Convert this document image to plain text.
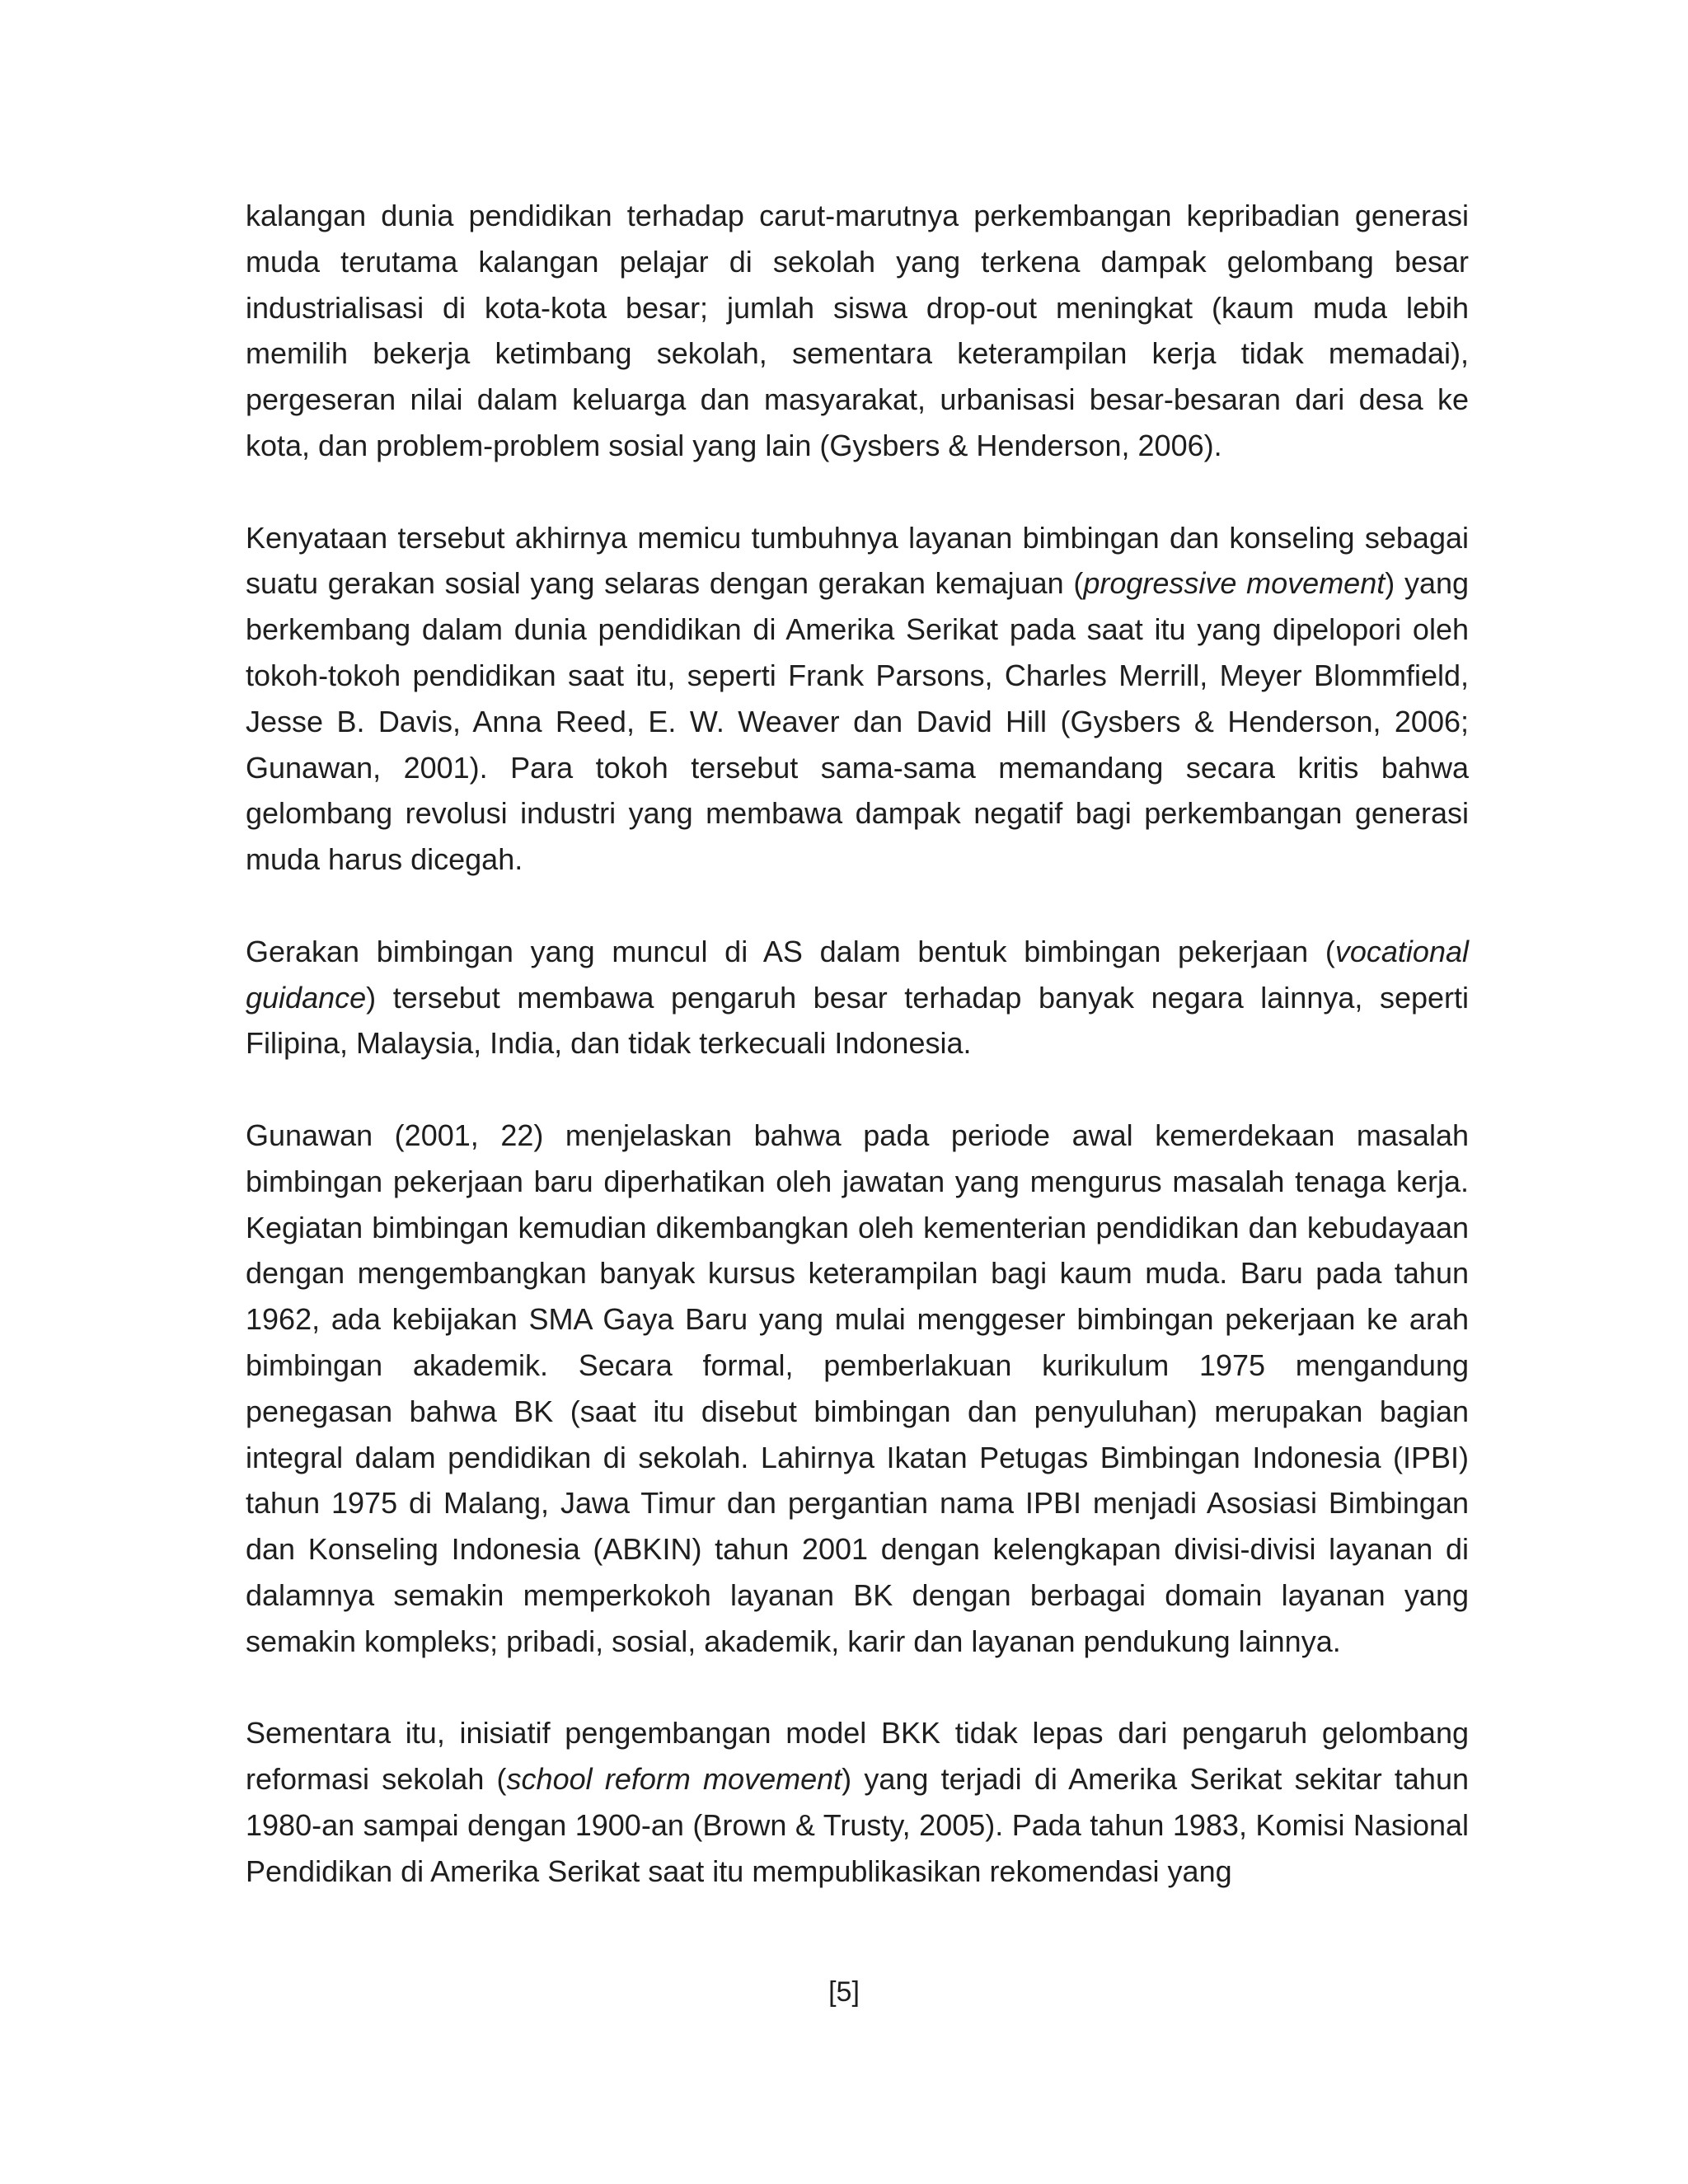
kalangan dunia pendidikan terhadap carut-marutnya perkembangan kepribadian generasi muda terutama kalangan pelajar di sekolah yang terkena dampak gelombang besar industrialisasi di kota-kota besar; jumlah siswa drop-out meningkat (kaum muda lebih memilih bekerja ketimbang sekolah, sementara keterampilan kerja tidak memadai), pergeseran nilai dalam keluarga dan masyarakat, urbanisasi besar-besaran dari desa ke kota, dan problem-problem sosial yang lain (Gysbers & Henderson, 2006).

Kenyataan tersebut akhirnya memicu tumbuhnya layanan bimbingan dan konseling sebagai suatu gerakan sosial yang selaras dengan gerakan kemajuan (progressive movement) yang berkembang dalam dunia pendidikan di Amerika Serikat pada saat itu yang dipelopori oleh tokoh-tokoh pendidikan saat itu, seperti Frank Parsons, Charles Merrill, Meyer Blommfield, Jesse B. Davis, Anna Reed, E. W. Weaver dan David Hill (Gysbers & Henderson, 2006; Gunawan, 2001). Para tokoh tersebut sama-sama memandang secara kritis bahwa gelombang revolusi industri yang membawa dampak negatif bagi perkembangan generasi muda harus dicegah.

Gerakan bimbingan yang muncul di AS dalam bentuk bimbingan pekerjaan (vocational guidance) tersebut membawa pengaruh besar terhadap banyak negara lainnya, seperti Filipina, Malaysia, India, dan tidak terkecuali Indonesia.

Gunawan (2001, 22) menjelaskan bahwa pada periode awal kemerdekaan masalah bimbingan pekerjaan baru diperhatikan oleh jawatan yang mengurus masalah tenaga kerja. Kegiatan bimbingan kemudian dikembangkan oleh kementerian pendidikan dan kebudayaan dengan mengembangkan banyak kursus keterampilan bagi kaum muda. Baru pada tahun 1962, ada kebijakan SMA Gaya Baru yang mulai menggeser bimbingan pekerjaan ke arah bimbingan akademik. Secara formal, pemberlakuan kurikulum 1975 mengandung penegasan bahwa BK (saat itu disebut bimbingan dan penyuluhan) merupakan bagian integral dalam pendidikan di sekolah. Lahirnya Ikatan Petugas Bimbingan Indonesia (IPBI) tahun 1975 di Malang, Jawa Timur dan pergantian nama IPBI menjadi Asosiasi Bimbingan dan Konseling Indonesia (ABKIN) tahun 2001 dengan kelengkapan divisi-divisi layanan di dalamnya semakin memperkokoh layanan BK dengan berbagai domain layanan yang semakin kompleks; pribadi, sosial, akademik, karir dan layanan pendukung lainnya.

Sementara itu, inisiatif pengembangan model BKK tidak lepas dari pengaruh gelombang reformasi sekolah (school reform movement) yang terjadi di Amerika Serikat sekitar tahun 1980-an sampai dengan 1900-an (Brown & Trusty, 2005). Pada tahun 1983, Komisi Nasional Pendidikan di Amerika Serikat saat itu mempublikasikan rekomendasi yang

[5]
